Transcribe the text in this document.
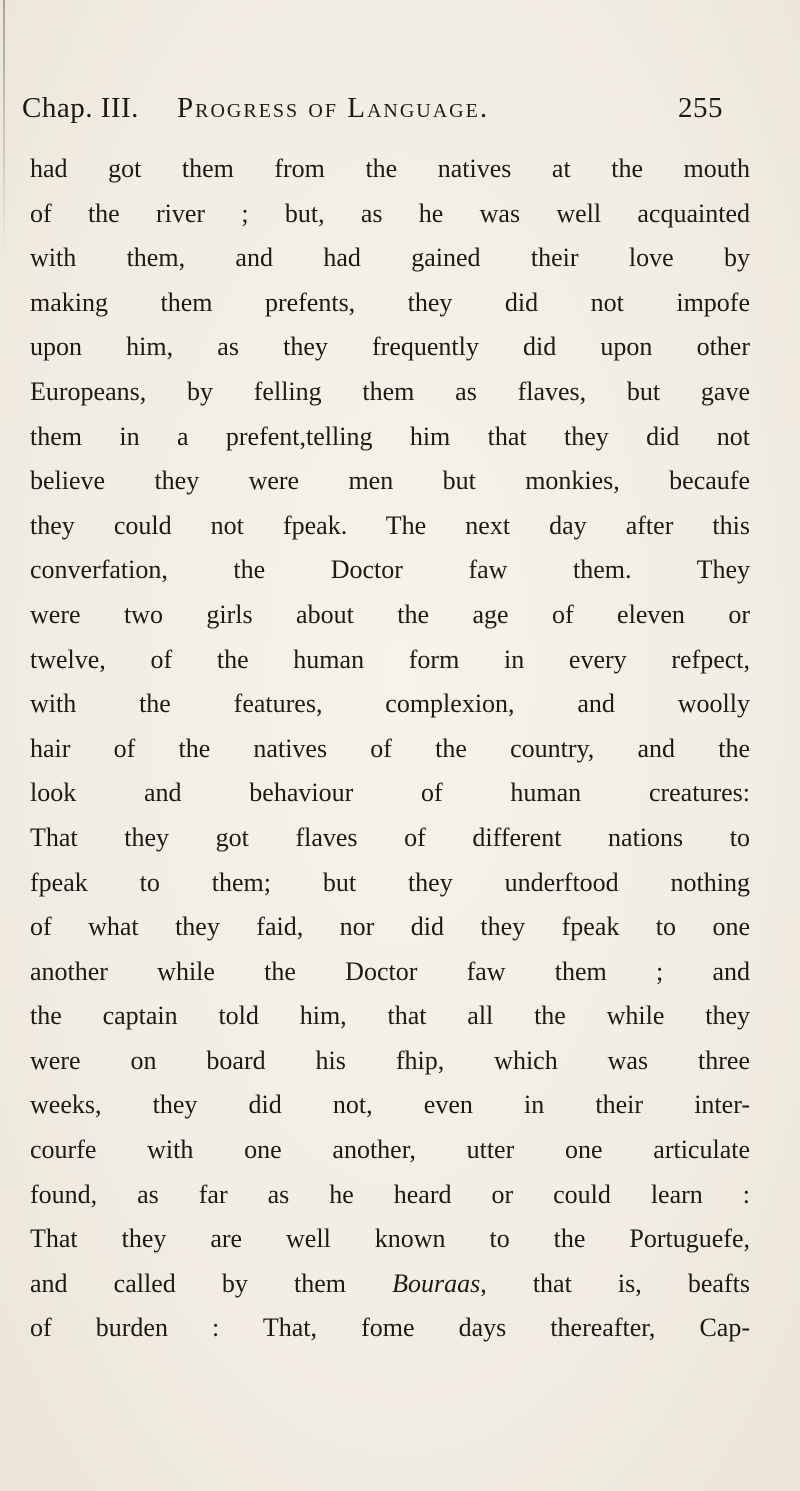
Chap. III. Progress of Language.	255
had got them from the natives at the mouth
of the river ; but, as he was well acquainted
with them, and had gained their love by
making them prefents, they did not impofe
upon him, as they frequently did upon other
Europeans, by felling them as flaves, but gave
them in a prefent,telling him that they did not
believe they were men but monkies, becaufe
they could not fpeak. The next day after this
converfation, the Doctor faw them. They
were two girls about the age of eleven or
twelve, of the human form in every refpect,
with the features, complexion, and woolly
hair of the natives of the country, and the
look and behaviour of human creatures:
That they got flaves of different nations to
fpeak to them; but they underftood nothing
of what they faid, nor did they fpeak to one
another while the Doctor faw them ; and
the captain told him, that all the while they
were on board his fhip, which was three
weeks, they did not, even in their inter-
courfe with one another, utter one articulate
found, as far as he heard or could learn :
That they are well known to the Portuguefe,
and called by them Bouraas, that is, beafts
of burden : That, fome days thereafter, Cap-
